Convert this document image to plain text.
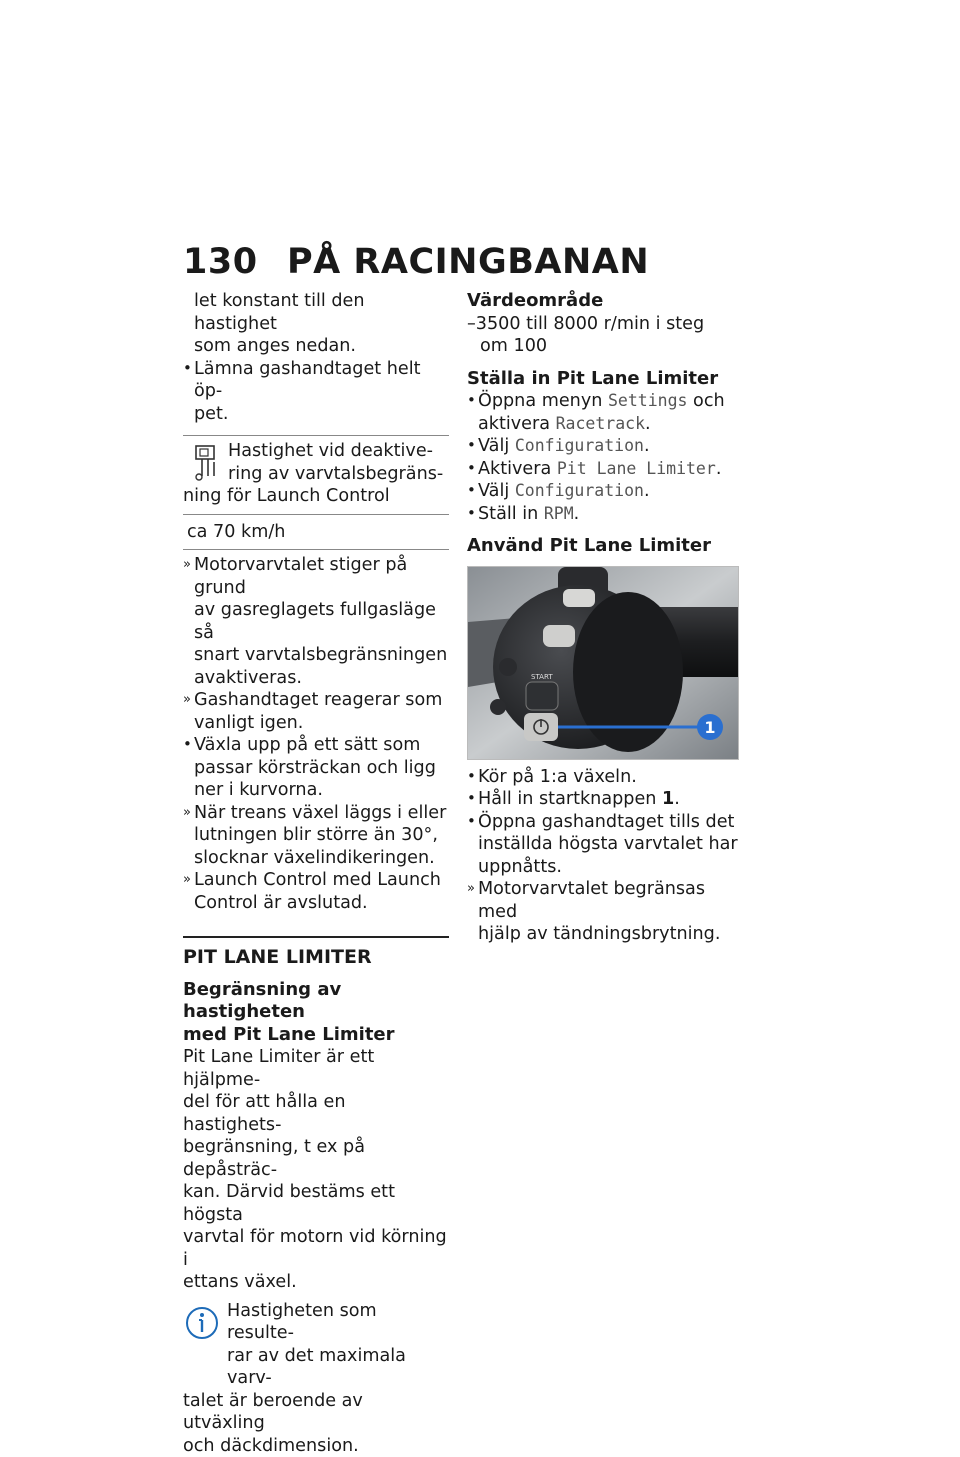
130 PÅ RACINGBANAN

let konstant till den hastighet

som anges nedan.

• Lämna gashandtaget helt öp-

pet.

Hastighet vid deaktive-

ring av varvtalsbegräns-

ning för Launch Control

ca 70 km/h
» Motorvarvtalet stiger på grund

av gasreglagets fullgasläge så

snart varvtalsbegränsningen

avaktiveras.

» Gashandtaget reagerar som

vanligt igen.

• Växla upp på ett sätt som

passar körsträckan och ligg

ner i kurvorna.

» När treans växel läggs i eller

lutningen blir större än 30°,

slocknar växelindikeringen.

» Launch Control med Launch

Control är avslutad.

PIT LANE LIMITER

Begränsning av hastigheten

med Pit Lane Limiter

Pit Lane Limiter är ett hjälpme-

del för att hålla en hastighets-

begränsning, t ex på depåsträc-

kan. Därvid bestäms ett högsta

varvtal för motorn vid körning i

ettans växel.

Hastigheten som resulte-

rar av det maximala varv-

talet är beroende av utväxling

och däckdimension.

Värdeområde

–3500 till 8000 r/min i steg

om 100

Ställa in Pit Lane Limiter

• Öppna menyn Settings och

aktivera Racetrack.

• Välj Configuration.

• Aktivera Pit Lane Limiter.

• Välj Configuration.

• Ställ in RPM.

Använd Pit Lane Limiter

START
1
• Kör på 1:a växeln.

• Håll in startknappen 1.

• Öppna gashandtaget tills det

inställda högsta varvtalet har

uppnåtts.

» Motorvarvtalet begränsas med

hjälp av tändningsbrytning.
